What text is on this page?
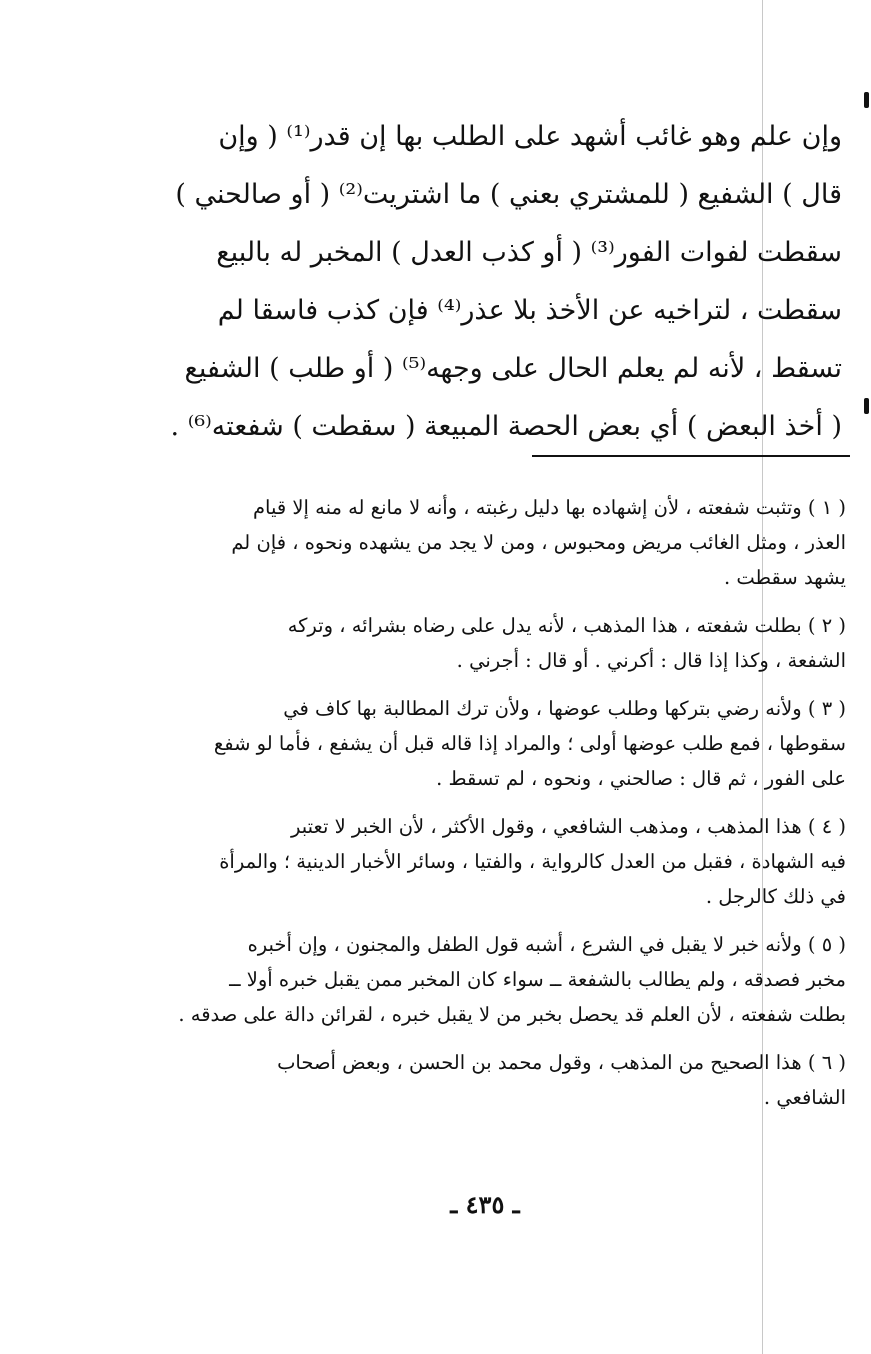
وإن علم وهو غائب أشهد على الطلب بها إن قدر⁽¹⁾ ( وإن
قال ) الشفيع ( للمشتري بعني ) ما اشتريت⁽²⁾ ( أو صالحني )
سقطت لفوات الفور⁽³⁾ ( أو كذب العدل ) المخبر له بالبيع
سقطت ، لتراخيه عن الأخذ بلا عذر⁽⁴⁾ فإن كذب فاسقا لم
تسقط ، لأنه لم يعلم الحال على وجهه⁽⁵⁾ ( أو طلب ) الشفيع
( أخذ البعض ) أي بعض الحصة المبيعة ( سقطت ) شفعته⁽⁶⁾ .
( ١ ) وتثبت شفعته ، لأن إشهاده بها دليل رغبته ، وأنه لا مانع له منه إلا قيام
العذر ، ومثل الغائب مريض ومحبوس ، ومن لا يجد من يشهده ونحوه ، فإن لم
يشهد سقطت .
( ٢ ) بطلت شفعته ، هذا المذهب ، لأنه يدل على رضاه بشرائه ، وتركه
الشفعة ، وكذا إذا قال : أكرني . أو قال : أجرني .
( ٣ ) ولأنه رضي بتركها وطلب عوضها ، ولأن ترك المطالبة بها كاف في
سقوطها ، فمع طلب عوضها أولى ؛ والمراد إذا قاله قبل أن يشفع ، فأما لو شفع
على الفور ، ثم قال : صالحني ، ونحوه ، لم تسقط .
( ٤ ) هذا المذهب ، ومذهب الشافعي ، وقول الأكثر ، لأن الخبر لا تعتبر
فيه الشهادة ، فقبل من العدل كالرواية ، والفتيا ، وسائر الأخبار الدينية ؛ والمرأة
في ذلك كالرجل .
( ٥ ) ولأنه خبر لا يقبل في الشرع ، أشبه قول الطفل والمجنون ، وإن أخبره
مخبر فصدقه ، ولم يطالب بالشفعة ــ سواء كان المخبر ممن يقبل خبره أولا ــ
بطلت شفعته ، لأن العلم قد يحصل بخبر من لا يقبل خبره ، لقرائن دالة على صدقه .
( ٦ ) هذا الصحيح من المذهب ، وقول محمد بن الحسن ، وبعض أصحاب
الشافعي .
ـ ٤٣٥ ـ
